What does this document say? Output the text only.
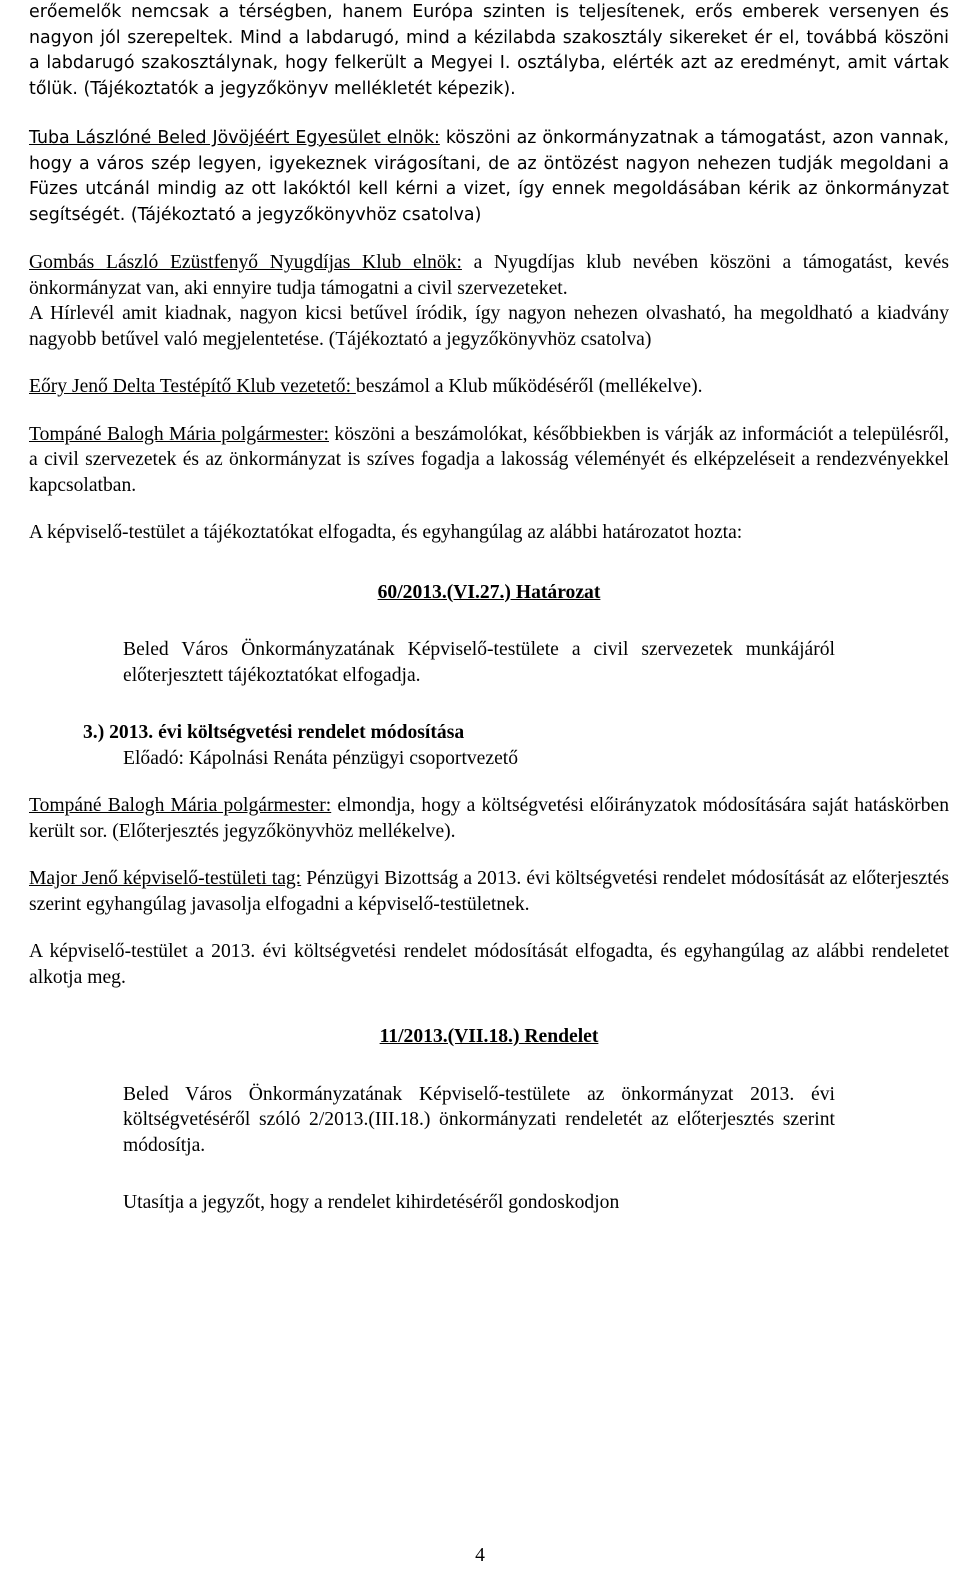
erőemelők nemcsak a térségben, hanem Európa szinten is teljesítenek, erős emberek versenyen és nagyon jól szerepeltek. Mind a labdarugó, mind a kézilabda szakosztály sikereket ér el, továbbá köszöni a labdarugó szakosztálynak, hogy felkerült a Megyei I. osztályba, elérték azt az eredményt, amit vártak tőlük. (Tájékoztatók a jegyzőkönyv mellékletét képezik).

Tuba Lászlóné Beled Jövöjéért Egyesület elnök: köszöni az önkormányzatnak a támogatást, azon vannak, hogy a város szép legyen, igyekeznek virágosítani, de az öntözést nagyon nehezen tudják megoldani a Füzes utcánál mindig az ott lakóktól kell kérni a vizet, így ennek megoldásában kérik az önkormányzat segítségét. (Tájékoztató a jegyzőkönyvhöz csatolva)

Gombás László Ezüstfenyő Nyugdíjas Klub elnök: a Nyugdíjas klub nevében köszöni a támogatást, kevés önkormányzat van, aki ennyire tudja támogatni a civil szervezeteket.

A Hírlevél amit kiadnak, nagyon kicsi betűvel íródik, így nagyon nehezen olvasható, ha megoldható a kiadvány nagyobb betűvel való megjelentetése. (Tájékoztató a jegyzőkönyvhöz csatolva)

Eőry Jenő Delta Testépítő Klub vezetető: beszámol a Klub működéséről (mellékelve).

Tompáné Balogh Mária polgármester: köszöni a beszámolókat, későbbiekben is várják az információt a településről, a civil szervezetek és az önkormányzat is szíves fogadja a lakosság véleményét és elképzeléseit a rendezvényekkel kapcsolatban.

A képviselő-testület a tájékoztatókat elfogadta, és egyhangúlag az alábbi határozatot hozta:

60/2013.(VI.27.) Határozat

Beled Város Önkormányzatának Képviselő-testülete a civil szervezetek munkájáról előterjesztett tájékoztatókat elfogadja.

3.) 2013. évi költségvetési rendelet módosítása

Előadó: Kápolnási Renáta pénzügyi csoportvezető

Tompáné Balogh Mária polgármester: elmondja, hogy a költségvetési előirányzatok módosítására saját hatáskörben került sor. (Előterjesztés jegyzőkönyvhöz mellékelve).

Major Jenő képviselő-testületi tag: Pénzügyi Bizottság a 2013. évi költségvetési rendelet módosítását az előterjesztés szerint egyhangúlag javasolja elfogadni a képviselő-testületnek.

A képviselő-testület a 2013. évi költségvetési rendelet módosítását elfogadta, és egyhangúlag az alábbi rendeletet alkotja meg.

11/2013.(VII.18.) Rendelet

Beled Város Önkormányzatának Képviselő-testülete az önkormányzat 2013. évi költségvetéséről szóló 2/2013.(III.18.) önkormányzati rendeletét az előterjesztés szerint módosítja.

Utasítja a jegyzőt, hogy a rendelet kihirdetéséről gondoskodjon

4
